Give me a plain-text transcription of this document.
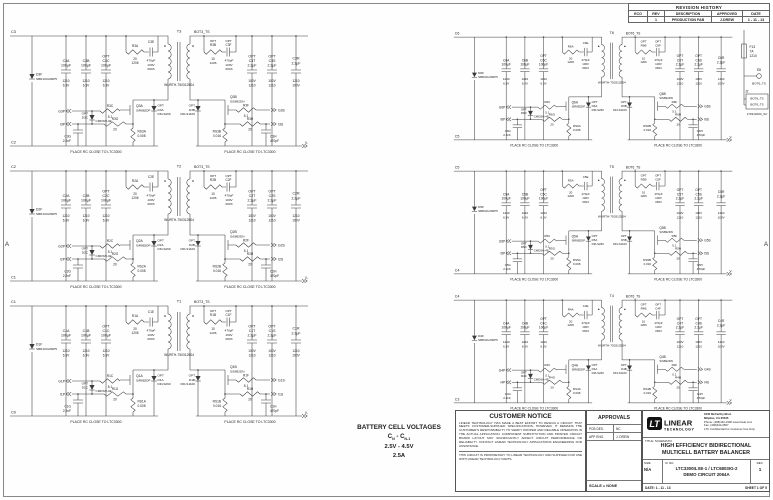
A	A
REVISION HISTORY				
ECO	REV	DESCRIPTION	APPROVED	DATE
	1	PRODUCTION FAB	J.DREW	1 - 11 - 13
C3
C2
BOT3_TS
D3F
SBR10U200P5
C3A
100µF
1210
6.3V
C3B
100µF
1210
6.3V
OPT
C3C
100µF
1210
6.3V
R3A
20
1206
C3E
470pF
100V
0603
T3
WURTH-750312504
G3P
R3C
5.1
Q3A
SiR882DP
OPT
D3C
CMDSH-4E
I3P
R3G
20
C3G
2.2nF
RS3A
0.008
OPT
D3A
DFLS260
OPT
D3B
DFLS1100
OPT
R3B
10
1206
OPT
C3F
470pF
100V
0603
Q3B
SiS892DN
G3S
R3F
5.1
I3S
R3H
20
C3H
470pF
RS3B
0.016
OPT
C3T
2.2µF
100V
1210
OPT
C3S
2.2µF
100V
1210
C3R
2.2µF
1210
100V
V-
PLACE RC CLOSE TO LTC3300	PLACE RC CLOSE TO LTC3300
C2
C1
BOT3_TS
D2F
SBR10U200P5
C2A
100µF
1210
6.3V
C2B
100µF
1210
6.3V
OPT
C2C
100µF
1210
6.3V
R2A
20
1206
C2E
470pF
100V
0603
T2
WURTH-750312504
G2P
R2C
5.1
Q2A
SiR882DP
OPT
D2C
CMDSH-4E
I2P
R2G
20
C2G
2.2nF
RS2A
0.008
OPT
D2A
DFLS260
OPT
D2B
DFLS1100
OPT
R2B
10
1206
OPT
C2F
470pF
100V
0603
Q2B
SiS892DN
G2S
R2F
5.1
I2S
R2H
20
C2H
470pF
RS2B
0.016
OPT
C2T
2.2µF
100V
1210
OPT
C2S
2.2µF
100V
1210
C2R
2.2µF
1210
100V
V-
PLACE RC CLOSE TO LTC3300	PLACE RC CLOSE TO LTC3300
C1
C0
BOT3_TS
D1F
SBR10U200P5
C1A
100µF
1210
6.3V
C1B
100µF
1210
6.3V
OPT
C1C
100µF
1210
6.3V
R1A
20
1206
C1E
470pF
100V
0603
T1
WURTH-750312504
G1P
R1C
5.1
Q1A
SiR882DP
OPT
D1C
CMDSH-4E
I1P
R1G
20
C1G
2.2nF
RS1A
0.008
OPT
D1A
DFLS260
OPT
D1B
DFLS1100
OPT
R1B
10
1206
OPT
C1F
470pF
100V
0603
Q1B
SiS892DN
G1S
R1F
5.1
I1S
R1H
20
C1H
470pF
RS1B
0.016
OPT
C1T
2.2µF
100V
1210
OPT
C1S
2.2µF
100V
1210
C1R
2.2µF
1210
100V
V-
PLACE RC CLOSE TO LTC3300	PLACE RC CLOSE TO LTC3300
C6
C5
BOT6_TS
D6F
SBR10U200P5
C6A
100µF
1210
6.3V
C6B
100µF
1210
6.3V
OPT
C6C
100µF
1210
6.3V
R6A
20
1206
C6E
470pF
100V
0603
T6
WURTH-750312504
G6P
R6C
5.1
Q6A
SiR882DP
OPT
D6C
CMDSH-4E
I6P
R6G
20
C6G
2.2nF
RS6A
0.008
OPT
D6A
DFLS260
OPT
D6B
DFLS1100
OPT
R6B
10
1206
OPT
C6F
470pF
100V
0603
Q6B
SiS892DN
G6S
R6F
5.1
I6S
R6H
20
C6H
470pF
RS6B
0.016
OPT
C6T
2.2µF
100V
1210
OPT
C6S
2.2µF
100V
1210
C6R
2.2µF
1210
100V
V-
PLACE RC CLOSE TO LTC3300	PLACE RC CLOSE TO LTC3300
C5
C4
BOT6_TS
D5F
SBR10U200P5
C5A
100µF
1210
6.3V
C5B
100µF
1210
6.3V
OPT
C5C
100µF
1210
6.3V
R5A
20
1206
C5E
470pF
100V
0603
T5
WURTH-750312504
G5P
R5C
5.1
Q5A
SiR882DP
OPT
D5C
CMDSH-4E
I5P
R5G
20
C5G
2.2nF
RS5A
0.008
OPT
D5A
DFLS260
OPT
D5B
DFLS1100
OPT
R5B
10
1206
OPT
C5F
470pF
100V
0603
Q5B
SiS892DN
G5S
R5F
5.1
I5S
R5H
20
C5H
470pF
RS5B
0.016
OPT
C5T
2.2µF
100V
1210
OPT
C5S
2.2µF
100V
1210
C5R
2.2µF
1210
100V
V-
PLACE RC CLOSE TO LTC3300	PLACE RC CLOSE TO LTC3300
C4
C3
BOT6_TS
D4F
SBR10U200P5
C4A
100µF
1210
6.3V
C4B
100µF
1210
6.3V
OPT
C4C
100µF
1210
6.3V
R4A
20
1206
C4E
470pF
100V
0603
T4
WURTH-750312504
G4P
R4C
5.1
Q4A
SiR882DP
OPT
D4C
CMDSH-4E
I4P
R4G
20
C4G
2.2nF
RS4A
0.008
OPT
D4A
DFLS260
OPT
D4B
DFLS1100
OPT
R4B
10
1206
OPT
C4F
470pF
100V
0603
Q4B
SiS892DN
G4S
R4F
5.1
I4S
R4H
20
C4H
470pF
RS4B
0.016
OPT
C4T
2.2µF
100V
1210
OPT
C4S
2.2µF
100V
1210
C4R
2.2µF
1210
100V
V-
PLACE RC CLOSE TO LTC3300	PLACE RC CLOSE TO LTC3300
F13
7A
1210
E8
BOT6_TS
J2
BOT6_TS
BOT6_TS
179313003_SC
BATTERY CELL VOLTAGES
$C_N - C_{N-1}$
2.5V - 4.5V
2.5A
CUSTOMER NOTICE
LINEAR TECHNOLOGY HAS MADE A BEST EFFORT TO DESIGN A CIRCUIT THAT MEETS CUSTOMER-SUPPLIED SPECIFICATIONS; HOWEVER, IT REMAINS THE CUSTOMER'S RESPONSIBILITY TO VERIFY PROPER AND RELIABLE OPERATION IN THE ACTUAL APPLICATION. COMPONENT SUBSTITUTION AND PRINTED CIRCUIT BOARD LAYOUT MAY SIGNIFICANTLY AFFECT CIRCUIT PERFORMANCE OR RELIABILITY. CONTACT LINEAR TECHNOLOGY APPLICATIONS ENGINEERING FOR ASSISTANCE.
THIS CIRCUIT IS PROPRIETARY TO LINEAR TECHNOLOGY AND SUPPLIED FOR USE WITH LINEAR TECHNOLOGY PARTS.
APPROVALS
PCB DES.	NC
APP ENG.	J. DREW
SCALE = NONE
LT LINEAR
TECHNOLOGY
1630 McCarthy Blvd.
Milpitas, CA 95035
Phone: (408)432-1900 www.linear.com
Fax: (408)434-0507
LTC Confidential For Customer Use Only
TITLE: SCHEMATIC
HIGH EFFICIENCY BIDIRECTIONAL
MULTICELL BATTERY BALANCER
SIZE
N/A
IC NO.
LTC3300ILXE-1 / LTC6803IG-2
DEMO CIRCUIT 2064A
REV.
1
DATE: 1 - 11 - 13	SHEET 1 OF 5
